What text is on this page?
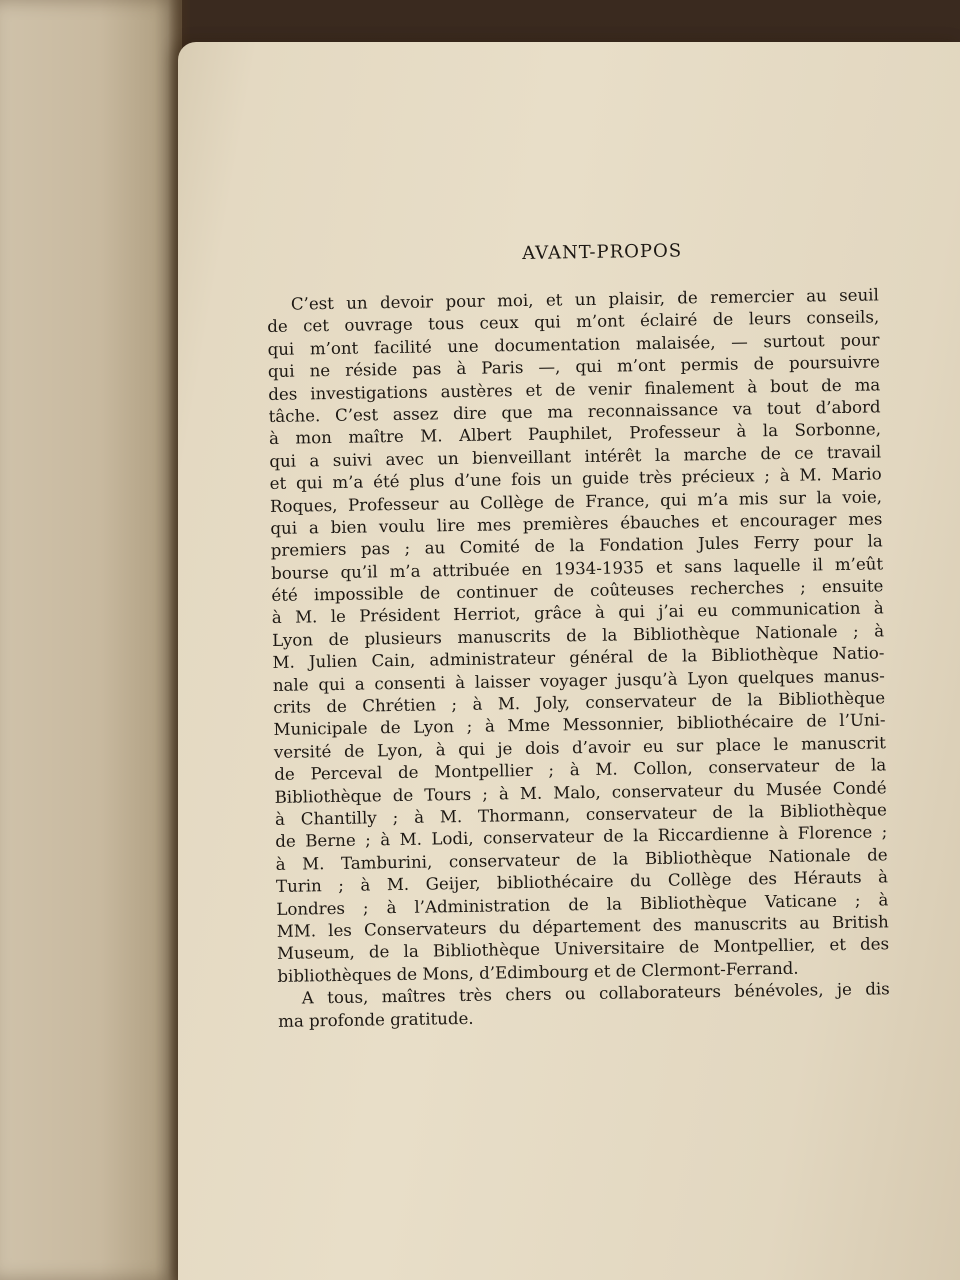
AVANT-PROPOS
C’est un devoir pour moi, et un plaisir, de remercier au seuil
de cet ouvrage tous ceux qui m’ont éclairé de leurs conseils,
qui m’ont facilité une documentation malaisée, — surtout pour
qui ne réside pas à Paris —, qui m’ont permis de poursuivre
des investigations austères et de venir finalement à bout de ma
tâche. C’est assez dire que ma reconnaissance va tout d’abord
à mon maître M. Albert Pauphilet, Professeur à la Sorbonne,
qui a suivi avec un bienveillant intérêt la marche de ce travail
et qui m’a été plus d’une fois un guide très précieux ; à M. Mario
Roques, Professeur au Collège de France, qui m’a mis sur la voie,
qui a bien voulu lire mes premières ébauches et encourager mes
premiers pas ; au Comité de la Fondation Jules Ferry pour la
bourse qu’il m’a attribuée en 1934-1935 et sans laquelle il m’eût
été impossible de continuer de coûteuses recherches ; ensuite
à M. le Président Herriot, grâce à qui j’ai eu communication à
Lyon de plusieurs manuscrits de la Bibliothèque Nationale ; à
M. Julien Cain, administrateur général de la Bibliothèque Natio-
nale qui a consenti à laisser voyager jusqu’à Lyon quelques manus-
crits de Chrétien ; à M. Joly, conservateur de la Bibliothèque
Municipale de Lyon ; à Mme Messonnier, bibliothécaire de l’Uni-
versité de Lyon, à qui je dois d’avoir eu sur place le manuscrit
de Perceval de Montpellier ; à M. Collon, conservateur de la
Bibliothèque de Tours ; à M. Malo, conservateur du Musée Condé
à Chantilly ; à M. Thormann, conservateur de la Bibliothèque
de Berne ; à M. Lodi, conservateur de la Riccardienne à Florence ;
à M. Tamburini, conservateur de la Bibliothèque Nationale de
Turin ; à M. Geijer, bibliothécaire du Collège des Hérauts à
Londres ; à l’Administration de la Bibliothèque Vaticane ; à
MM. les Conservateurs du département des manuscrits au British
Museum, de la Bibliothèque Universitaire de Montpellier, et des
bibliothèques de Mons, d’Edimbourg et de Clermont-Ferrand.
A tous, maîtres très chers ou collaborateurs bénévoles, je dis
ma profonde gratitude.
